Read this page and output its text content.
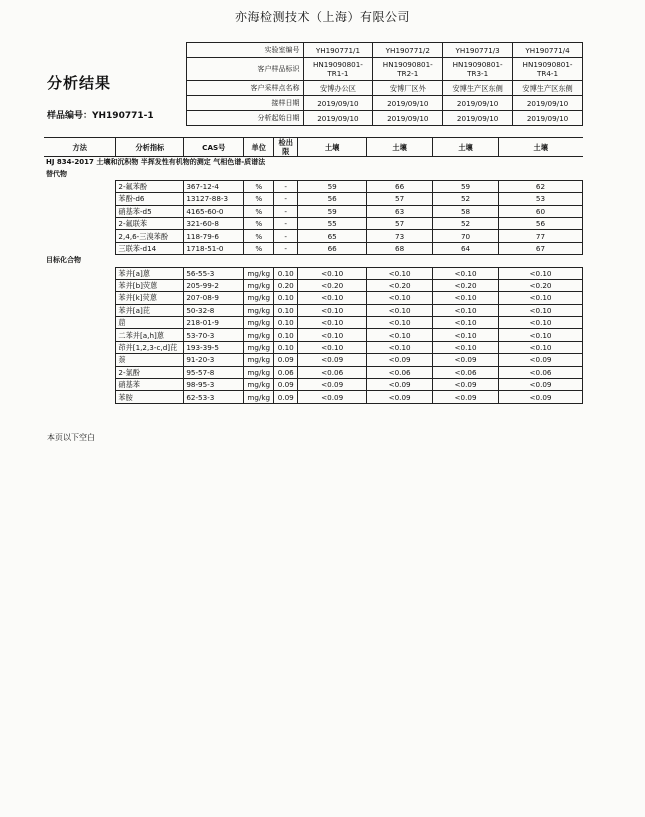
亦海检测技术（上海）有限公司
分析结果
样品编号：YH190771-1
实验室编号	YH190771/1	YH190771/2	YH190771/3	YH190771/4
客户样品标识	HN19090801-TR1-1	HN19090801-TR2-1	HN19090801-TR3-1	HN19090801-TR4-1
客户采样点名称	安博办公区	安博厂区外	安博生产区东侧	安博生产区东侧
接样日期	2019/09/10	2019/09/10	2019/09/10	2019/09/10
分析起始日期	2019/09/10	2019/09/10	2019/09/10	2019/09/10
方法	分析指标	CAS号	单位	检出限	土壤	土壤	土壤	土壤
HJ 834-2017 土壤和沉积物 半挥发性有机物的测定 气相色谱-质谱法								
替代物								
	2-氟苯酚	367-12-4	%	-	59	66	59	62
	苯酚-d6	13127-88-3	%	-	56	57	52	53
	硝基苯-d5	4165-60-0	%	-	59	63	58	60
	2-氟联苯	321-60-8	%	-	55	57	52	56
	2,4,6-三溴苯酚	118-79-6	%	-	65	73	70	77
	三联苯-d14	1718-51-0	%	-	66	68	64	67
目标化合物								
	苯并[a]蒽	56-55-3	mg/kg	0.10	<0.10	<0.10	<0.10	<0.10
	苯并[b]荧蒽	205-99-2	mg/kg	0.20	<0.20	<0.20	<0.20	<0.20
	苯并[k]荧蒽	207-08-9	mg/kg	0.10	<0.10	<0.10	<0.10	<0.10
	苯并[a]芘	50-32-8	mg/kg	0.10	<0.10	<0.10	<0.10	<0.10
	䓛	218-01-9	mg/kg	0.10	<0.10	<0.10	<0.10	<0.10
	二苯并[a,h]蒽	53-70-3	mg/kg	0.10	<0.10	<0.10	<0.10	<0.10
	茚并[1,2,3-c,d]芘	193-39-5	mg/kg	0.10	<0.10	<0.10	<0.10	<0.10
	萘	91-20-3	mg/kg	0.09	<0.09	<0.09	<0.09	<0.09
	2-氯酚	95-57-8	mg/kg	0.06	<0.06	<0.06	<0.06	<0.06
	硝基苯	98-95-3	mg/kg	0.09	<0.09	<0.09	<0.09	<0.09
	苯胺	62-53-3	mg/kg	0.09	<0.09	<0.09	<0.09	<0.09
本页以下空白
